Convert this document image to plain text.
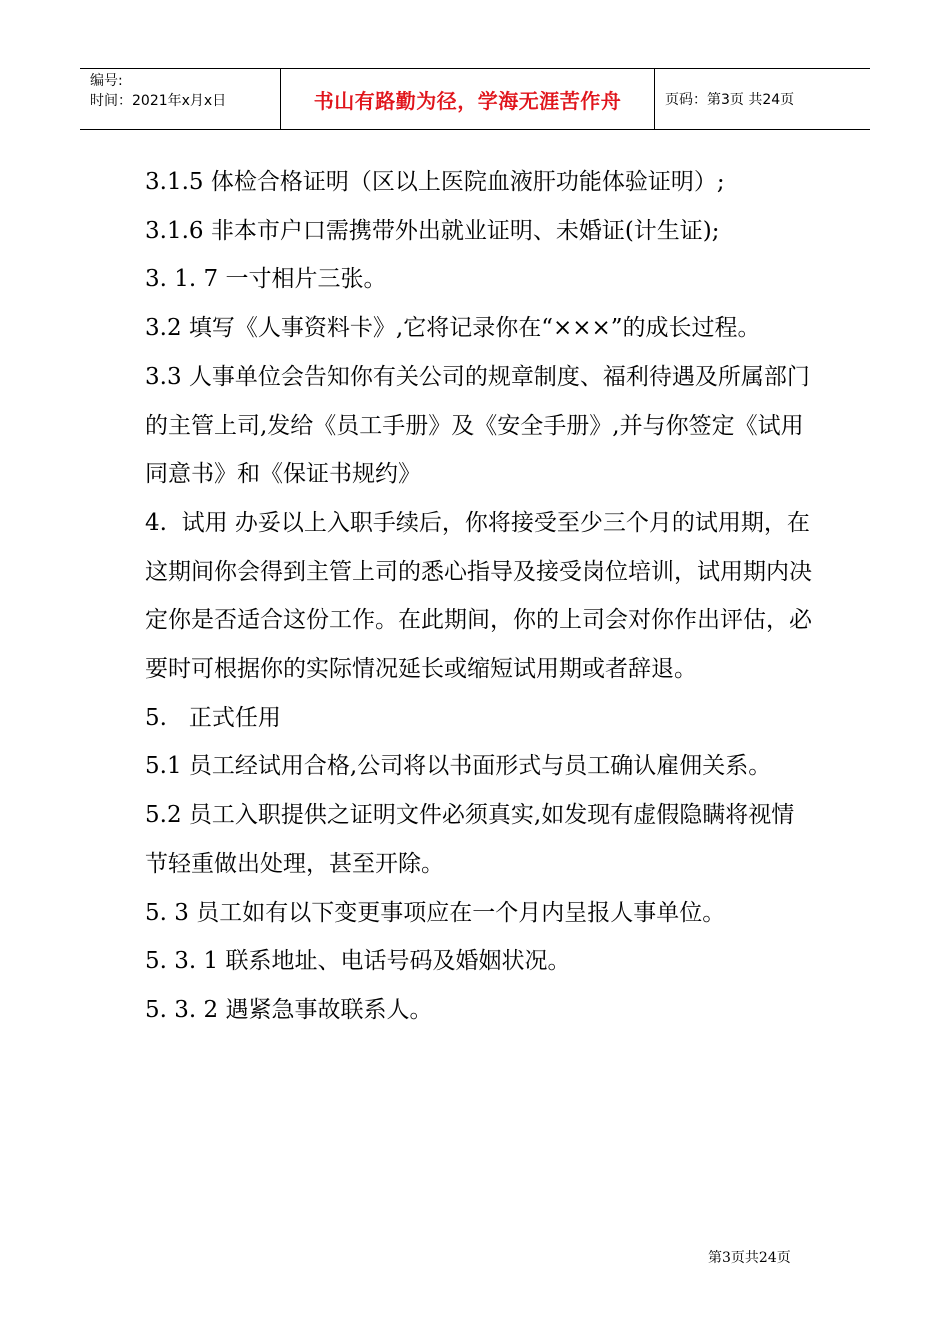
编号:
时间：2021年x月x日	书山有路勤为径，学海无涯苦作舟	页码：第3页 共24页

3.1.5 体检合格证明（区以上医院血液肝功能体验证明）;

3.1.6 非本市户口需携带外出就业证明、未婚证(计生证);

3. 1. 7 一寸相片三张。

3.2 填写《人事资料卡》,它将记录你在“×××”的成长过程。

3.3 人事单位会告知你有关公司的规章制度、福利待遇及所属部门的主管上司,发给《员工手册》及《安全手册》,并与你签定《试用同意书》和《保证书规约》

4.  试用 办妥以上入职手续后，你将接受至少三个月的试用期，在这期间你会得到主管上司的悉心指导及接受岗位培训，试用期内决定你是否适合这份工作。在此期间，你的上司会对你作出评估，必要时可根据你的实际情况延长或缩短试用期或者辞退。

5.   正式任用

5.1 员工经试用合格,公司将以书面形式与员工确认雇佣关系。

5.2 员工入职提供之证明文件必须真实,如发现有虚假隐瞒将视情节轻重做出处理，甚至开除。

5. 3 员工如有以下变更事项应在一个月内呈报人事单位。

5. 3. 1 联系地址、电话号码及婚姻状况。

5. 3. 2 遇紧急事故联系人。

第3页共24页
